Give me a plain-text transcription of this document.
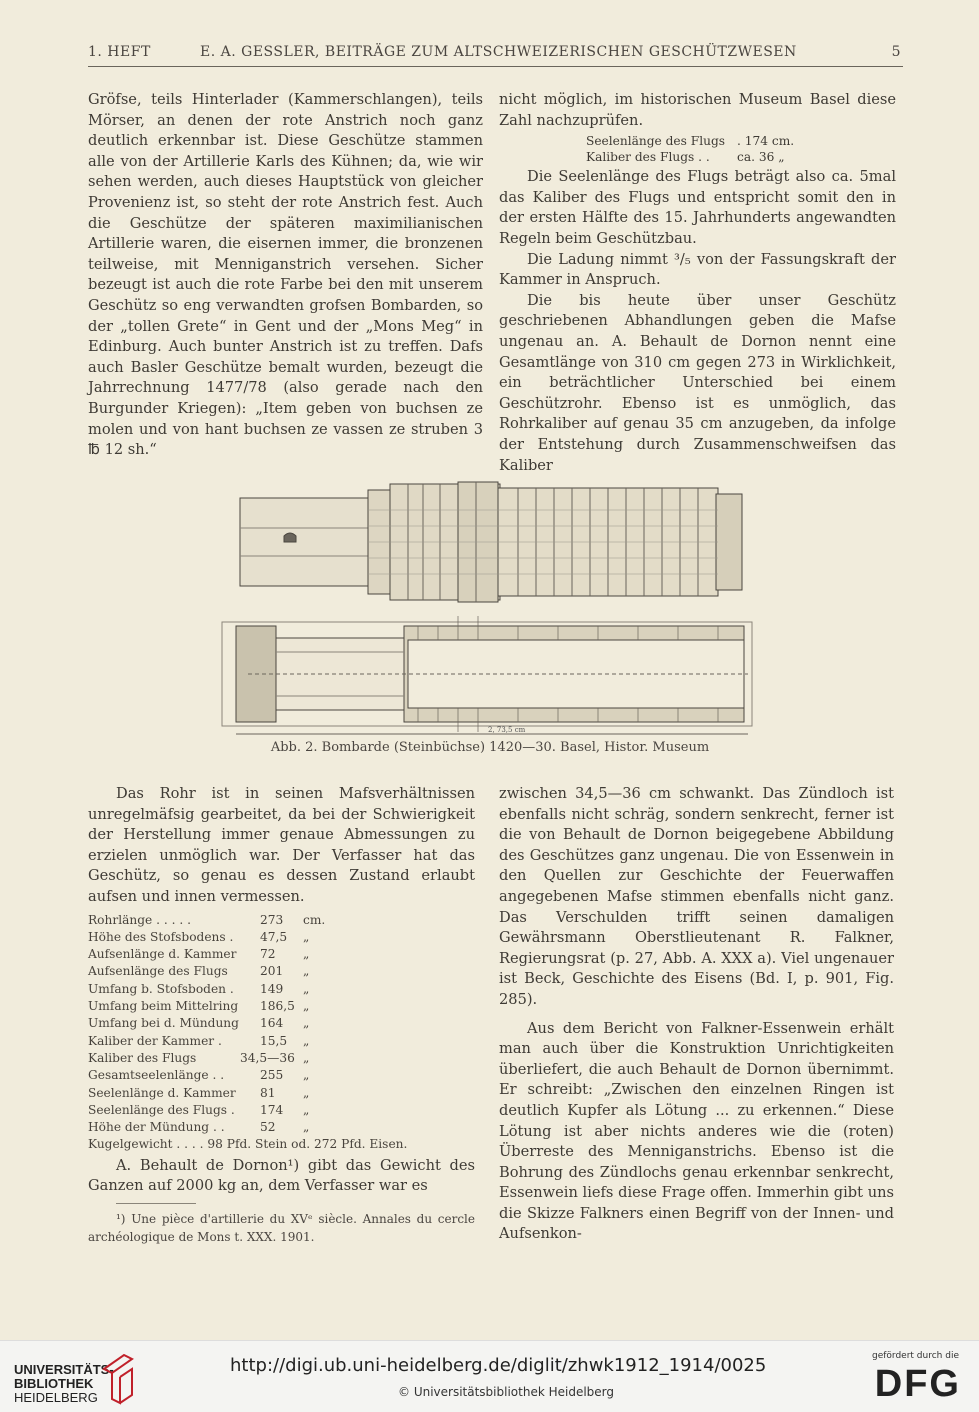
1. HEFT	E. A. GESSLER, BEITRÄGE ZUM ALTSCHWEIZERISCHEN GESCHÜTZWESEN	5

Gröfse, teils Hinterlader (Kammerschlangen), teils Mörser, an denen der rote Anstrich noch ganz deutlich erkennbar ist. Diese Geschütze stammen alle von der Artillerie Karls des Kühnen; da, wie wir sehen werden, auch dieses Hauptstück von gleicher Provenienz ist, so steht der rote Anstrich fest. Auch die Geschütze der späteren maximilianischen Artillerie waren, die eisernen immer, die bronzenen teilweise, mit Menniganstrich versehen. Sicher bezeugt ist auch die rote Farbe bei den mit unserem Geschütz so eng verwandten grofsen Bombarden, so der „tollen Grete“ in Gent und der „Mons Meg“ in Edinburg. Auch bunter Anstrich ist zu treffen. Dafs auch Basler Geschütze bemalt wurden, bezeugt die Jahrrechnung 1477/78 (also gerade nach den Burgunder Kriegen): „Item geben von buchsen ze molen und von hant buchsen ze vassen ze struben 3 ℔ 12 sh.“

nicht möglich, im historischen Museum Basel diese Zahl nachzuprüfen.

Seelenlänge des Flugs . 174 cm.
Kaliber des Flugs . . ca. 36 „

Die Seelenlänge des Flugs beträgt also ca. 5mal das Kaliber des Flugs und entspricht somit den in der ersten Hälfte des 15. Jahrhunderts angewandten Regeln beim Geschützbau.

Die Ladung nimmt ³/₅ von der Fassungskraft der Kammer in Anspruch.

Die bis heute über unser Geschütz geschriebenen Abhandlungen geben die Mafse ungenau an. A. Behault de Dornon nennt eine Gesamtlänge von 310 cm gegen 273 in Wirklichkeit, ein beträchtlicher Unterschied bei einem Geschützrohr. Ebenso ist es unmöglich, das Rohrkaliber auf genau 35 cm anzugeben, da infolge der Entstehung durch Zusammenschweifsen das Kaliber

2, 73,5 cm
Abb. 2. Bombarde (Steinbüchse) 1420—30. Basel, Histor. Museum

Das Rohr ist in seinen Mafsverhältnissen unregelmäfsig gearbeitet, da bei der Schwierigkeit der Herstellung immer genaue Abmessungen zu erzielen unmöglich war. Der Verfasser hat das Geschütz, so genau es dessen Zustand erlaubt aufsen und innen vermessen.

Rohrlänge . . . . .	273 cm.
Höhe des Stofsbodens . 47,5 „
Aufsenlänge d. Kammer 72 „
Aufsenlänge des Flugs	201 „
Umfang b. Stofsboden . 149 „
Umfang beim Mittelring 186,5 „
Umfang bei d. Mündung 164 „
Kaliber der Kammer .	15,5 „
Kaliber des Flugs	34,5—36 „
Gesamtseelenlänge . .	255 „
Seelenlänge d. Kammer 81 „
Seelenlänge des Flugs . 174 „
Höhe der Mündung . .	52 „
Kugelgewicht . . . . 98 Pfd. Stein od. 272 Pfd. Eisen.

A. Behault de Dornon¹) gibt das Gewicht des Ganzen auf 2000 kg an, dem Verfasser war es

¹) Une pièce d'artillerie du XVᵉ siècle. Annales du cercle archéologique de Mons t. XXX. 1901.

zwischen 34,5—36 cm schwankt. Das Zündloch ist ebenfalls nicht schräg, sondern senkrecht, ferner ist die von Behault de Dornon beigegebene Abbildung des Geschützes ganz ungenau. Die von Essenwein in den Quellen zur Geschichte der Feuerwaffen angegebenen Mafse stimmen ebenfalls nicht ganz. Das Verschulden trifft seinen damaligen Gewährsmann Oberstlieutenant R. Falkner, Regierungsrat (p. 27, Abb. A. XXX a). Viel ungenauer ist Beck, Geschichte des Eisens (Bd. I, p. 901, Fig. 285).

Aus dem Bericht von Falkner-Essenwein erhält man auch über die Konstruktion Unrichtigkeiten überliefert, die auch Behault de Dornon übernimmt. Er schreibt: „Zwischen den einzelnen Ringen ist deutlich Kupfer als Lötung ... zu erkennen.“ Diese Lötung ist aber nichts anderes wie die (roten) Überreste des Menniganstrichs. Ebenso ist die Bohrung des Zündlochs genau erkennbar senkrecht, Essenwein liefs diese Frage offen. Immerhin gibt uns die Skizze Falkners einen Begriff von der Innen- und Aufsenkon-

UNIVERSITÄTS-
BIBLIOTHEK
HEIDELBERG
http://digi.ub.uni-heidelberg.de/diglit/zhwk1912_1914/0025
© Universitätsbibliothek Heidelberg
gefördert durch die
DFG
